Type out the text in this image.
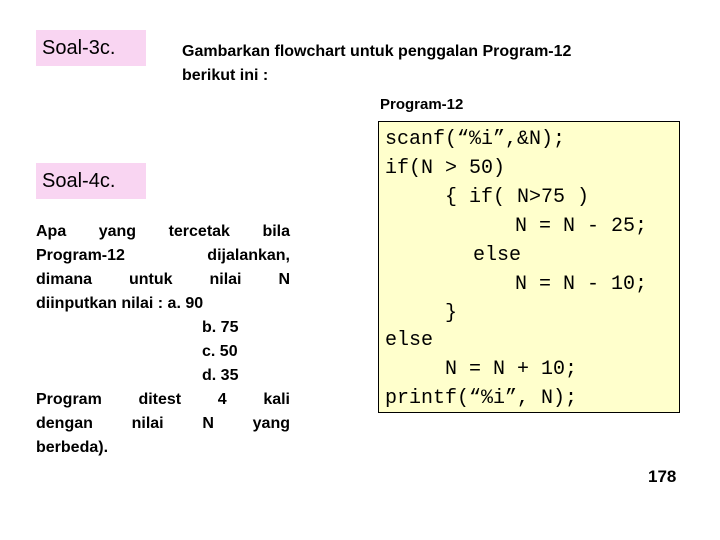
Soal-3c.	Gambarkan flowchart untuk penggalan Program-12
berikut ini :
Program-12
scanf(“%i”,&N);
if(N > 50)
{ if( N>75 )
N = N - 25;
else
N = N - 10;
}
else
N = N + 10;
printf(“%i”, N);
Soal-4c.
Apa yang tercetak bila
Program-12 dijalankan,
dimana untuk nilai N
diinputkan nilai : a. 90
b. 75
c. 50
d. 35
Program ditest 4 kali
dengan nilai N yang
berbeda).
178
